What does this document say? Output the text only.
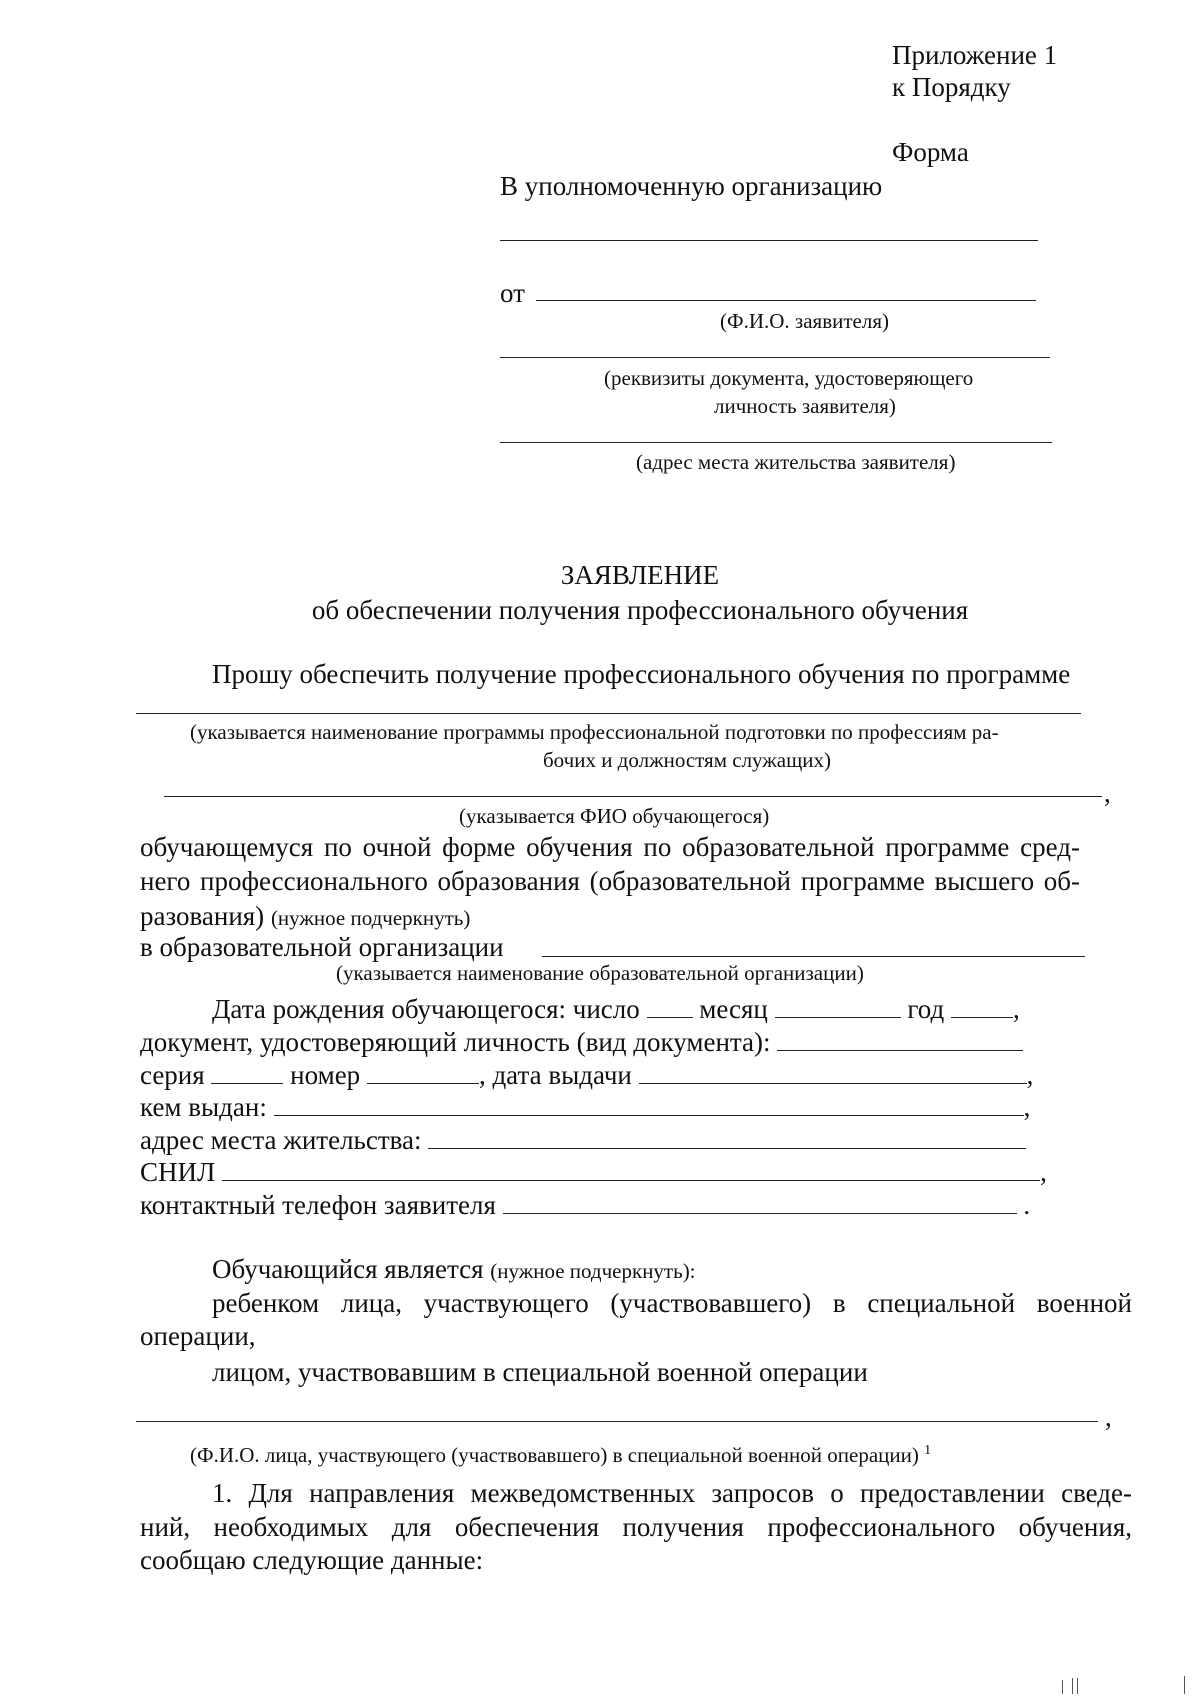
Приложение 1
к Порядку
Форма
В уполномоченную организацию
от
(Ф.И.О. заявителя)
(реквизиты документа, удостоверяющего
личность заявителя)
(адрес места жительства заявителя)
ЗАЯВЛЕНИЕ
об обеспечении получения профессионального обучения
Прошу обеспечить получение профессионального обучения по программе
(указывается наименование программы профессиональной подготовки по профессиям ра-
бочих и должностям служащих)
,
(указывается ФИО обучающегося)
обучающемуся по очной форме обучения по образовательной программе сред-
него профессионального образования (образовательной программе высшего об-
разования) (нужное подчеркнуть)
в образовательной организации
(указывается наименование образовательной организации)
Дата рождения обучающегося: число месяц	год	,
документ, удостоверяющий личность (вид документа):
серия	номер	, дата выдачи	,
кем выдан:	,
адрес места жительства:
СНИЛ	,
контактный телефон заявителя	.
Обучающийся является (нужное подчеркнуть):
ребенком лица, участвующего (участвовавшего) в специальной военной
операции,
лицом, участвовавшим в специальной военной операции
,
(Ф.И.О. лица, участвующего (участвовавшего) в специальной военной операции) $^1$
1. Для направления межведомственных запросов о предоставлении сведе-
ний, необходимых для обеспечения получения профессионального обучения,
сообщаю следующие данные:
